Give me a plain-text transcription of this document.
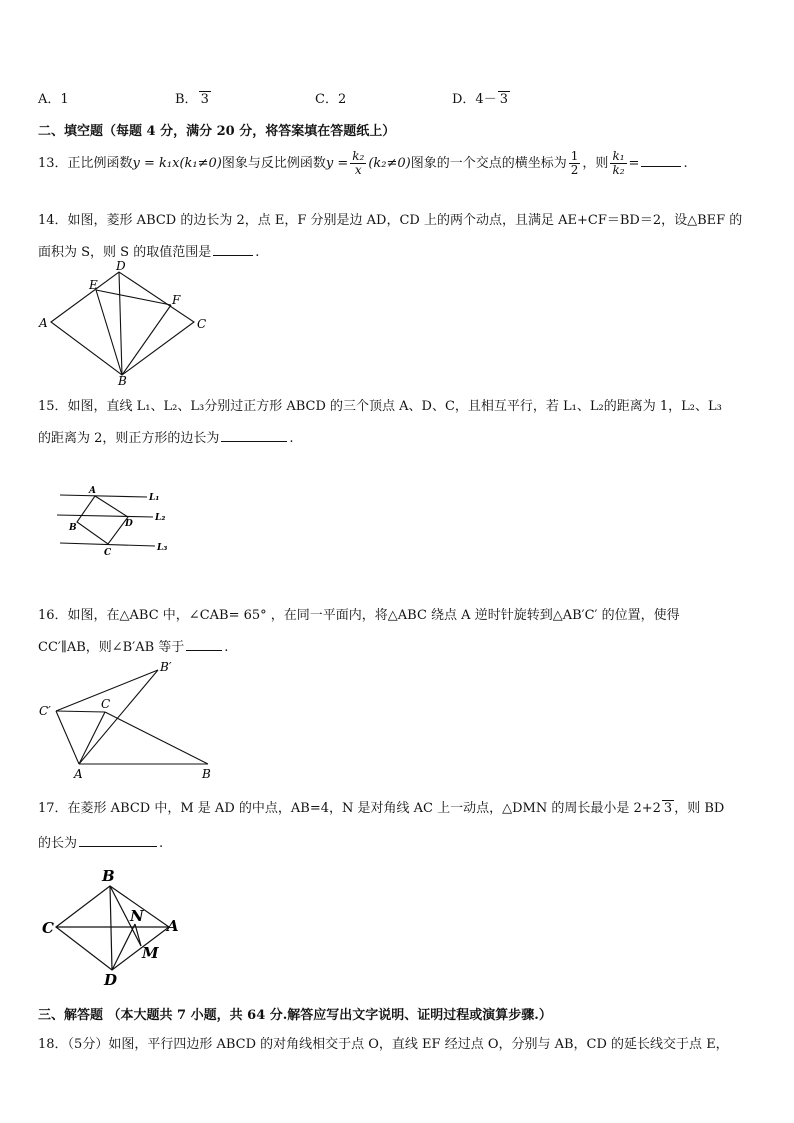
A．1	B． 3	C．2	D．4－ 3
二、填空题（每题 4 分，满分 20 分，将答案填在答题纸上）
13．正比例函数y = k₁x(k₁≠0)图象与反比例函数$y = \frac{\text{k₂}}{x} (k_2\ne 0)$图象的一个交点的横坐标为 $\frac{1}{2}$ ，则 $\frac{\text{k₁}}{\text{k₂}}$ =	.
14．如图，菱形 ABCD 的边长为 2，点 E，F 分别是边 AD，CD 上的两个动点，且满足 AE+CF＝BD＝2，设△BEF 的
面积为 S，则 S 的取值范围是	.
A
D
E
F
C
B
15．如图，直线 L₁、L₂、L₃分别过正方形 ABCD 的三个顶点 A、D、C，且相互平行，若 L₁、L₂的距离为 1，L₂、L₃
的距离为 2，则正方形的边长为	.
A
D
B
C
L₁
L₂
L₃
16．如图，在△ABC 中，∠CAB= 65° ，在同一平面内，将△ABC 绕点 A 逆时针旋转到△AB′C′ 的位置，使得
CC′∥AB，则∠B′AB 等于	.
C′	C
B′
A	B
17．在菱形 ABCD 中，M 是 AD 的中点，AB=4，N 是对角线 AC 上一动点，△DMN 的周长最小是 2+2 3 ，则 BD
的长为	.
B
C	A
D
N
M
三、解答题 （本大题共 7 小题，共 64 分.解答应写出文字说明、证明过程或演算步骤.）
18．（5分）如图，平行四边形 ABCD 的对角线相交于点 O，直线 EF 经过点 O，分别与 AB，CD 的延长线交于点 E，
